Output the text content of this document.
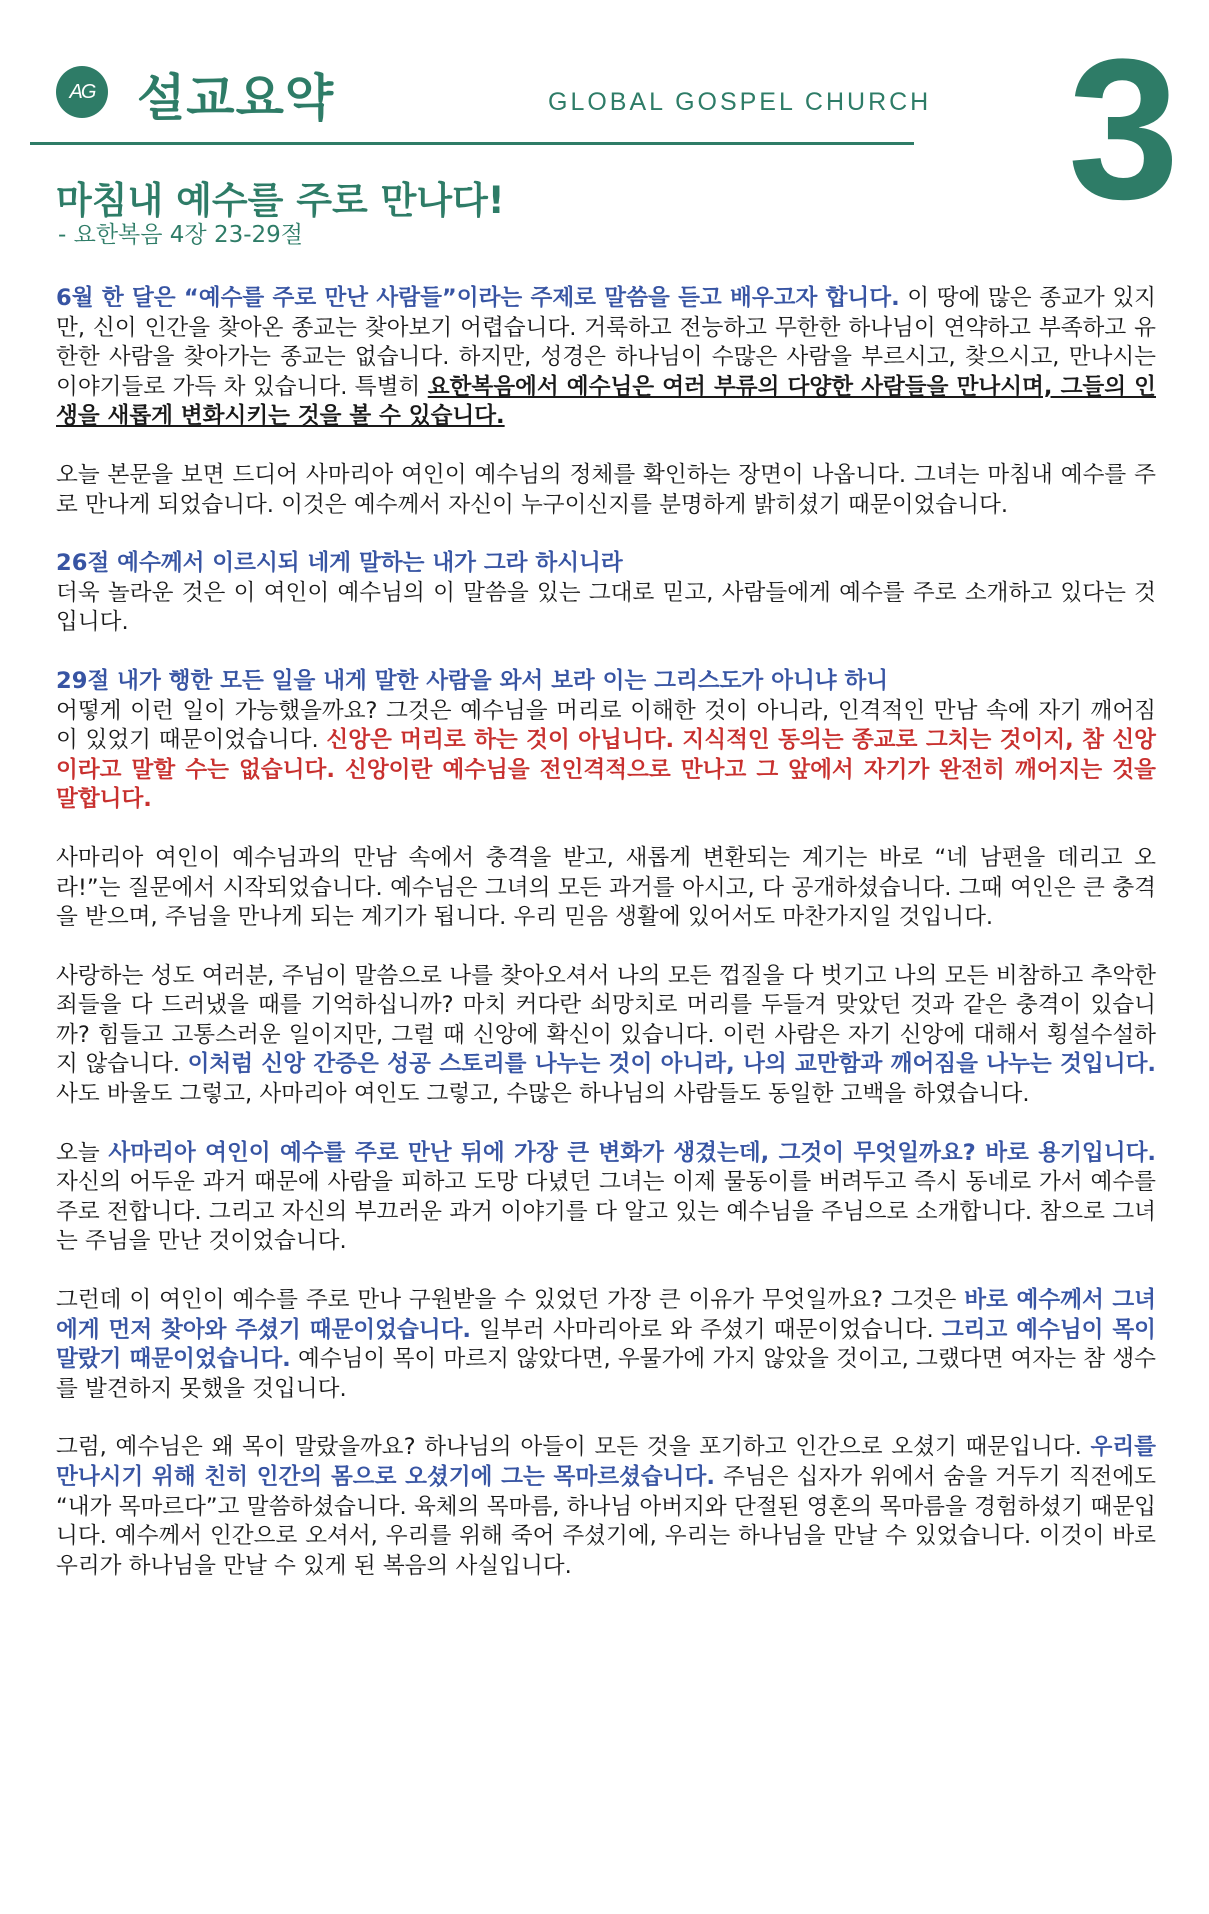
AG 설교요약	GLOBAL GOSPEL CHURCH 3
마침내 예수를 주로 만나다!
- 요한복음 4장 23-29절

6월 한 달은 “예수를 주로 만난 사람들”이라는 주제로 말씀을 듣고 배우고자 합니다. 이 땅에 많은 종교가 있지만, 신이 인간을 찾아온 종교는 찾아보기 어렵습니다. 거룩하고 전능하고 무한한 하나님이 연약하고 부족하고 유한한 사람을 찾아가는 종교는 없습니다. 하지만, 성경은 하나님이 수많은 사람을 부르시고, 찾으시고, 만나시는 이야기들로 가득 차 있습니다. 특별히 요한복음에서 예수님은 여러 부류의 다양한 사람들을 만나시며, 그들의 인생을 새롭게 변화시키는 것을 볼 수 있습니다.

오늘 본문을 보면 드디어 사마리아 여인이 예수님의 정체를 확인하는 장면이 나옵니다. 그녀는 마침내 예수를 주로 만나게 되었습니다. 이것은 예수께서 자신이 누구이신지를 분명하게 밝히셨기 때문이었습니다.

26절 예수께서 이르시되 네게 말하는 내가 그라 하시니라
더욱 놀라운 것은 이 여인이 예수님의 이 말씀을 있는 그대로 믿고, 사람들에게 예수를 주로 소개하고 있다는 것입니다.

29절 내가 행한 모든 일을 내게 말한 사람을 와서 보라 이는 그리스도가 아니냐 하니
어떻게 이런 일이 가능했을까요? 그것은 예수님을 머리로 이해한 것이 아니라, 인격적인 만남 속에 자기 깨어짐이 있었기 때문이었습니다. 신앙은 머리로 하는 것이 아닙니다. 지식적인 동의는 종교로 그치는 것이지, 참 신앙이라고 말할 수는 없습니다. 신앙이란 예수님을 전인격적으로 만나고 그 앞에서 자기가 완전히 깨어지는 것을 말합니다.

사마리아 여인이 예수님과의 만남 속에서 충격을 받고, 새롭게 변환되는 계기는 바로 “네 남편을 데리고 오라!”는 질문에서 시작되었습니다. 예수님은 그녀의 모든 과거를 아시고, 다 공개하셨습니다. 그때 여인은 큰 충격을 받으며, 주님을 만나게 되는 계기가 됩니다. 우리 믿음 생활에 있어서도 마찬가지일 것입니다.

사랑하는 성도 여러분, 주님이 말씀으로 나를 찾아오셔서 나의 모든 껍질을 다 벗기고 나의 모든 비참하고 추악한 죄들을 다 드러냈을 때를 기억하십니까? 마치 커다란 쇠망치로 머리를 두들겨 맞았던 것과 같은 충격이 있습니까? 힘들고 고통스러운 일이지만, 그럴 때 신앙에 확신이 있습니다. 이런 사람은 자기 신앙에 대해서 횡설수설하지 않습니다. 이처럼 신앙 간증은 성공 스토리를 나누는 것이 아니라, 나의 교만함과 깨어짐을 나누는 것입니다. 사도 바울도 그렇고, 사마리아 여인도 그렇고, 수많은 하나님의 사람들도 동일한 고백을 하였습니다.

오늘 사마리아 여인이 예수를 주로 만난 뒤에 가장 큰 변화가 생겼는데, 그것이 무엇일까요? 바로 용기입니다. 자신의 어두운 과거 때문에 사람을 피하고 도망 다녔던 그녀는 이제 물동이를 버려두고 즉시 동네로 가서 예수를 주로 전합니다. 그리고 자신의 부끄러운 과거 이야기를 다 알고 있는 예수님을 주님으로 소개합니다. 참으로 그녀는 주님을 만난 것이었습니다.

그런데 이 여인이 예수를 주로 만나 구원받을 수 있었던 가장 큰 이유가 무엇일까요? 그것은 바로 예수께서 그녀에게 먼저 찾아와 주셨기 때문이었습니다. 일부러 사마리아로 와 주셨기 때문이었습니다. 그리고 예수님이 목이 말랐기 때문이었습니다. 예수님이 목이 마르지 않았다면, 우물가에 가지 않았을 것이고, 그랬다면 여자는 참 생수를 발견하지 못했을 것입니다.

그럼, 예수님은 왜 목이 말랐을까요? 하나님의 아들이 모든 것을 포기하고 인간으로 오셨기 때문입니다. 우리를 만나시기 위해 친히 인간의 몸으로 오셨기에 그는 목마르셨습니다. 주님은 십자가 위에서 숨을 거두기 직전에도 “내가 목마르다”고 말씀하셨습니다. 육체의 목마름, 하나님 아버지와 단절된 영혼의 목마름을 경험하셨기 때문입니다. 예수께서 인간으로 오셔서, 우리를 위해 죽어 주셨기에, 우리는 하나님을 만날 수 있었습니다. 이것이 바로 우리가 하나님을 만날 수 있게 된 복음의 사실입니다.
